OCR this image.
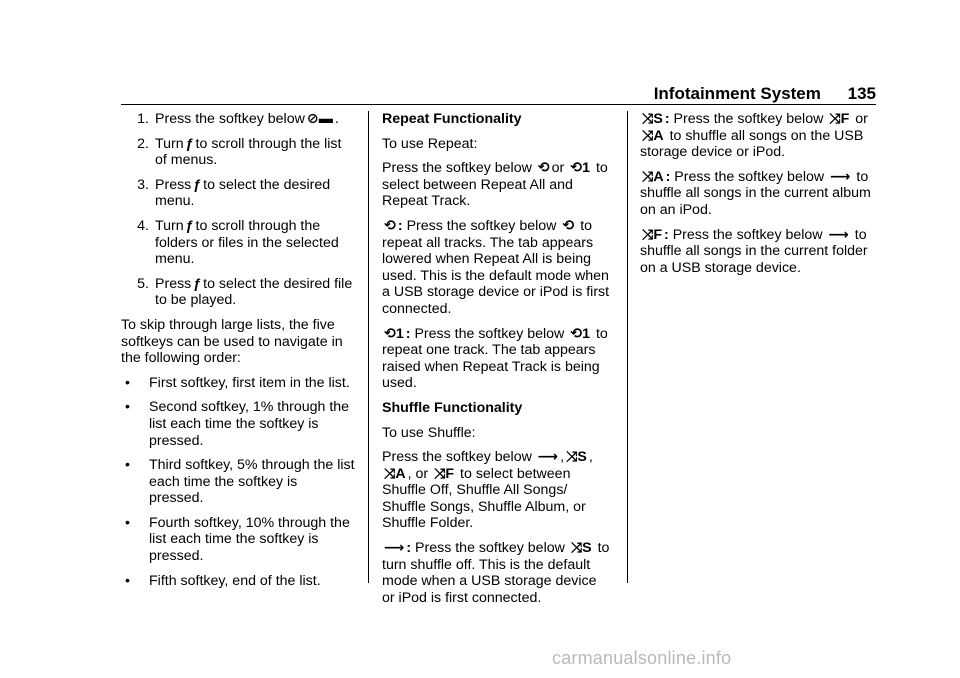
Infotainment System 135
1. Press the softkey below ⊘▬ .
2. Turn ƒ to scroll through the list of menus.
3. Press ƒ to select the desired menu.
4. Turn ƒ to scroll through the folders or files in the selected menu.
5. Press ƒ to select the desired file to be played.

To skip through large lists, the five softkeys can be used to navigate in the following order:

•	First softkey, first item in the list.
•	Second softkey, 1% through the list each time the softkey is pressed.
•	Third softkey, 5% through the list each time the softkey is pressed.
•	Fourth softkey, 10% through the list each time the softkey is pressed.
•	Fifth softkey, end of the list.
Repeat Functionality

To use Repeat:

Press the softkey below ⟲ or ⟲1 to select between Repeat All and Repeat Track.

⟲ : Press the softkey below ⟲ to repeat all tracks. The tab appears lowered when Repeat All is being used. This is the default mode when a USB storage device or iPod is first connected.

⟲1 : Press the softkey below ⟲1 to repeat one track. The tab appears raised when Repeat Track is being used.

Shuffle Functionality

To use Shuffle:

Press the softkey below ⟶ , ⤨S , ⤨A , or ⤨F to select between Shuffle Off, Shuffle All Songs/ Shuffle Songs, Shuffle Album, or Shuffle Folder.

⟶ : Press the softkey below ⤨S to turn shuffle off. This is the default mode when a USB storage device or iPod is first connected.

⤨S : Press the softkey below ⤨F or ⤨A to shuffle all songs on the USB storage device or iPod.

⤨A : Press the softkey below ⟶ to shuffle all songs in the current album on an iPod.

⤨F : Press the softkey below ⟶ to shuffle all songs in the current folder on a USB storage device.

carmanualsonline.info
